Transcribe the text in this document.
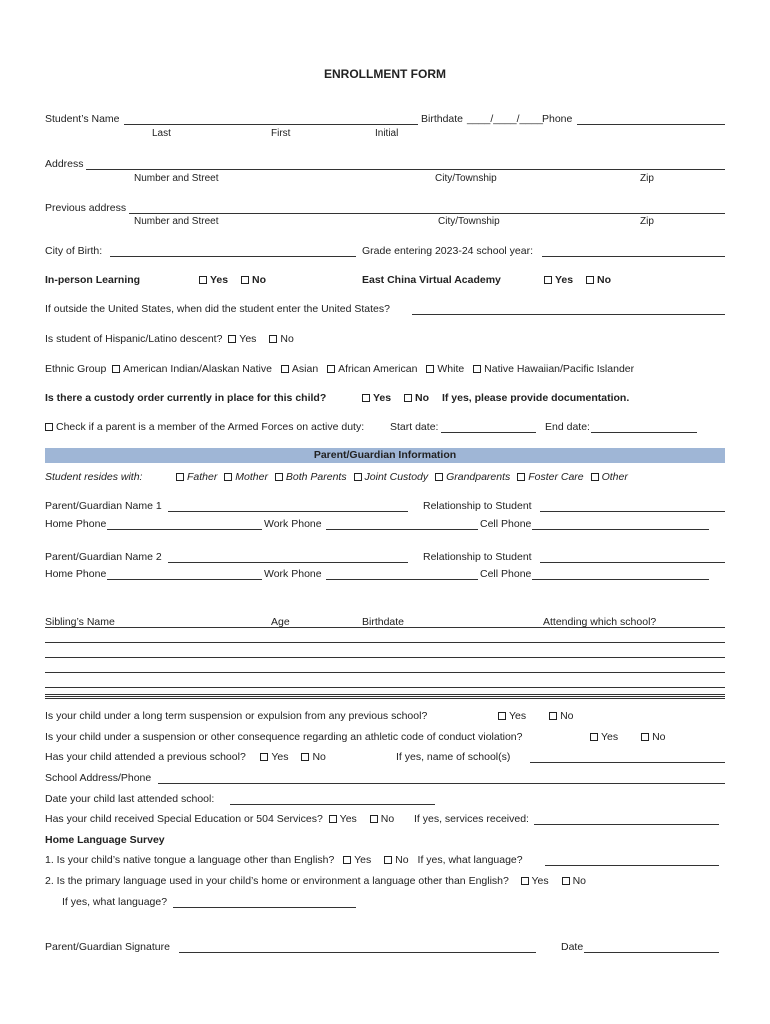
ENROLLMENT FORM
Student’s Name	Birthdate ____/____/____ Phone
Last	First	Initial
Address
Number and Street	City/Township	Zip
Previous address
Number and Street	City/Township	Zip
City of Birth:	Grade entering 2023-24 school year:
In-person Learning	Yes No	East China Virtual Academy	Yes No
If outside the United States, when did the student enter the United States?
Is student of Hispanic/Latino descent? Yes No
Ethnic Group American Indian/Alaskan Native Asian African American White Native Hawaiian/Pacific Islander
Is there a custody order currently in place for this child?	Yes No If yes, please provide documentation.
Check if a parent is a member of the Armed Forces on active duty: Start date:	End date:
Parent/Guardian Information
Student resides with:	Father Mother Both Parents Joint Custody Grandparents Foster Care Other
Parent/Guardian Name 1	Relationship to Student
Home Phone	Work Phone	Cell Phone
Parent/Guardian Name 2	Relationship to Student
Home Phone	Work Phone	Cell Phone
Sibling’s Name	Age	Birthdate	Attending which school?
Is your child under a long term suspension or expulsion from any previous school?	Yes	No
Is your child under a suspension or other consequence regarding an athletic code of conduct violation?	Yes	No
Has your child attended a previous school? Yes No	If yes, name of school(s)
School Address/Phone
Date your child last attended school:
Has your child received Special Education or 504 Services? Yes No	If yes, services received:
Home Language Survey
1. Is your child’s native tongue a language other than English? Yes No If yes, what language?
2. Is the primary language used in your child’s home or environment a language other than English? Yes No
If yes, what language?
Parent/Guardian Signature	Date
